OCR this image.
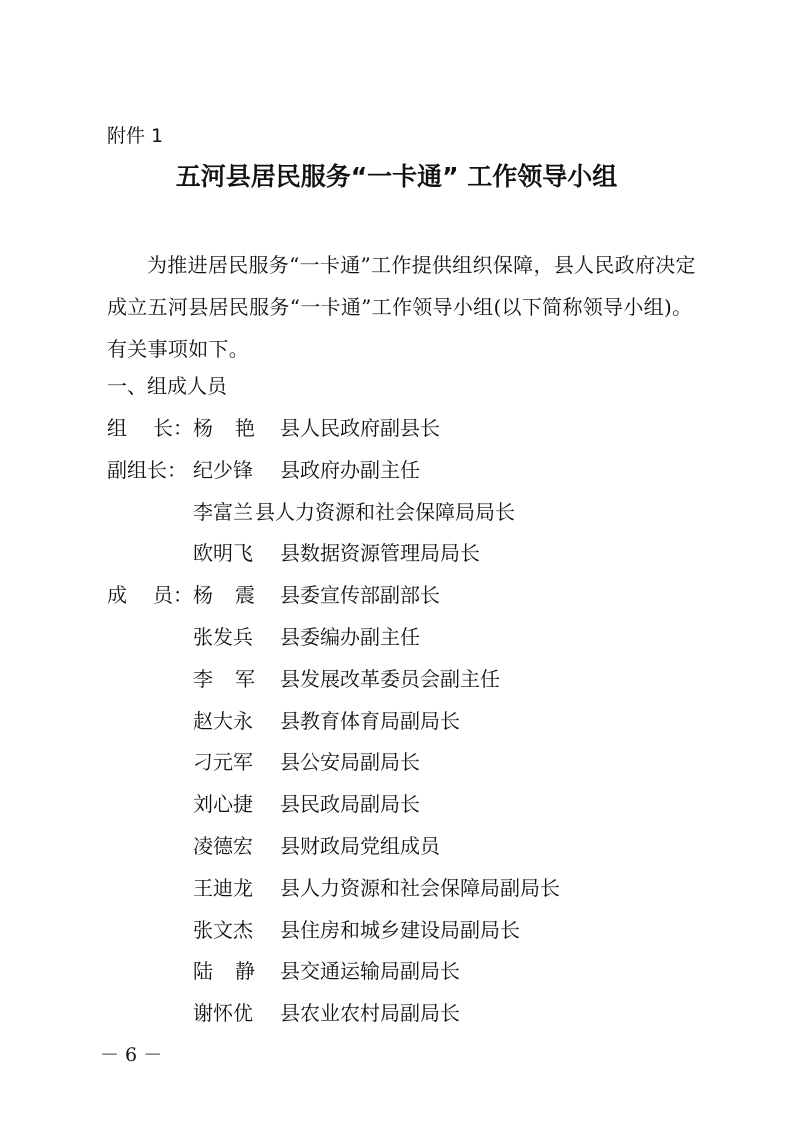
附件 1
五河县居民服务“一卡通” 工作领导小组
为推进居民服务“一卡通”工作提供组织保障，县人民政府决定成立五河县居民服务“一卡通”工作领导小组(以下简称领导小组)。有关事项如下。
一、组成人员
组 长： 杨 艳 县人民政府副县长
副组长： 纪少锋 县政府办副主任
李富兰 县人力资源和社会保障局局长
欧明飞 县数据资源管理局局长
成 员： 杨 震 县委宣传部副部长
张发兵 县委编办副主任
李 军 县发展改革委员会副主任
赵大永 县教育体育局副局长
刁元军 县公安局副局长
刘心捷 县民政局副局长
凌德宏 县财政局党组成员
王迪龙 县人力资源和社会保障局副局长
张文杰 县住房和城乡建设局副局长
陆 静 县交通运输局副局长
谢怀优 县农业农村局副局长
－ 6 －
